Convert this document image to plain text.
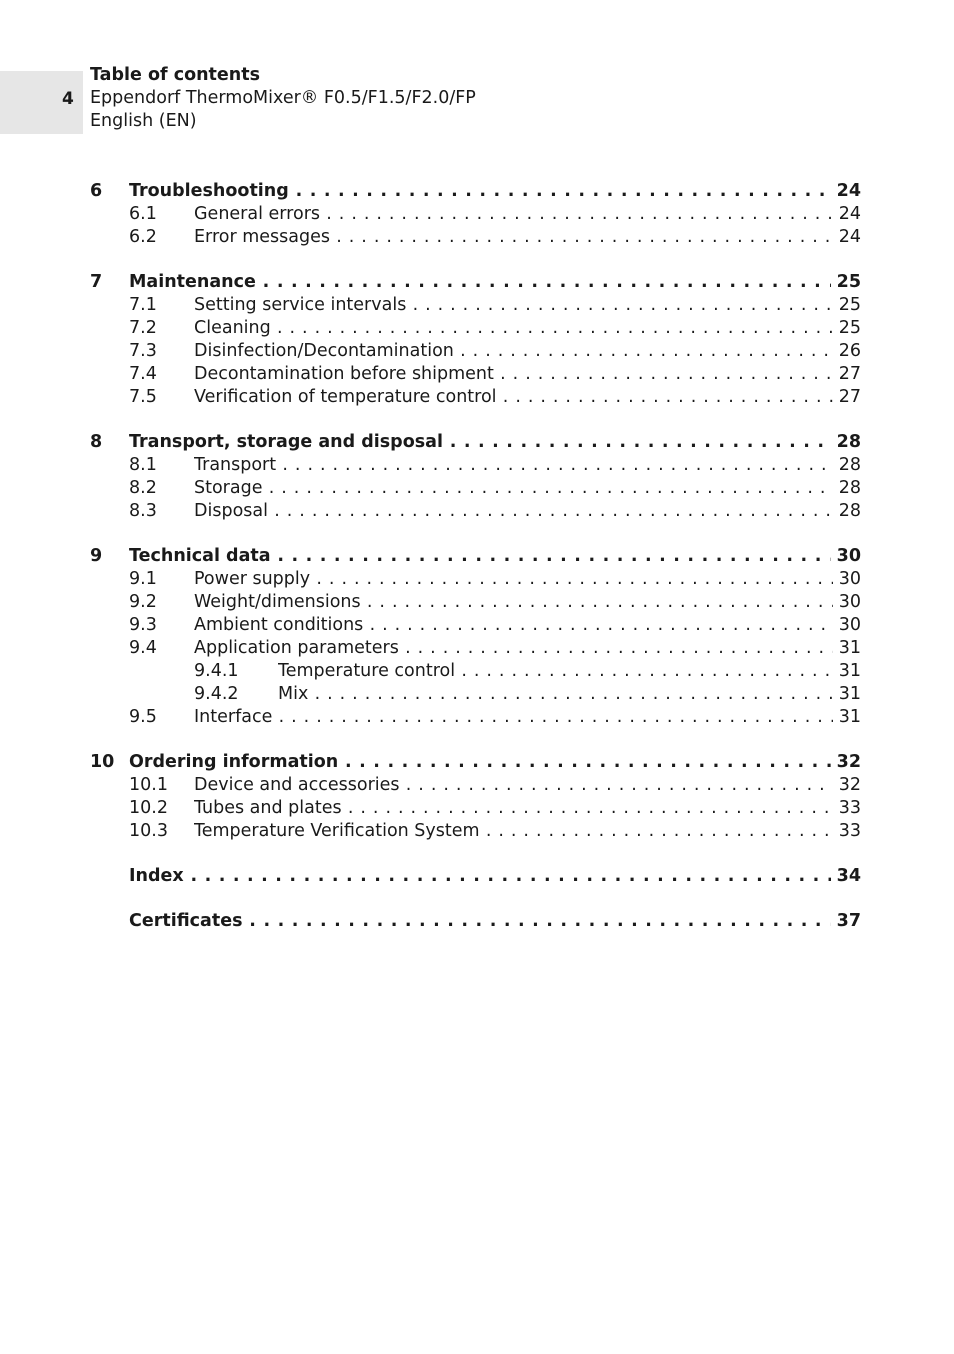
4
Table of contents
Eppendorf ThermoMixer® F0.5/F1.5/F2.0/FP
English (EN)
6 Troubleshooting . . .	24
6.1 General errors . . .	24
6.2 Error messages . . .	24
7 Maintenance . . .	25
7.1 Setting service intervals . . .	25
7.2 Cleaning . . .	25
7.3 Disinfection/Decontamination . . .	26
7.4 Decontamination before shipment . . .	27
7.5 Verification of temperature control . . .	27
8 Transport, storage and disposal . . .	28
8.1 Transport . . .	28
8.2 Storage . . .	28
8.3 Disposal . . .	28
9 Technical data . . .	30
9.1 Power supply . . .	30
9.2 Weight/dimensions . . .	30
9.3 Ambient conditions . . .	30
9.4 Application parameters . . .	31
9.4.1 Temperature control . . .	31
9.4.2 Mix . . .	31
9.5 Interface . . .	31
10 Ordering information . . .	32
10.1 Device and accessories . . .	32
10.2 Tubes and plates . . .	33
10.3 Temperature Verification System . . .	33
Index . . .	34
Certificates . . .	37
